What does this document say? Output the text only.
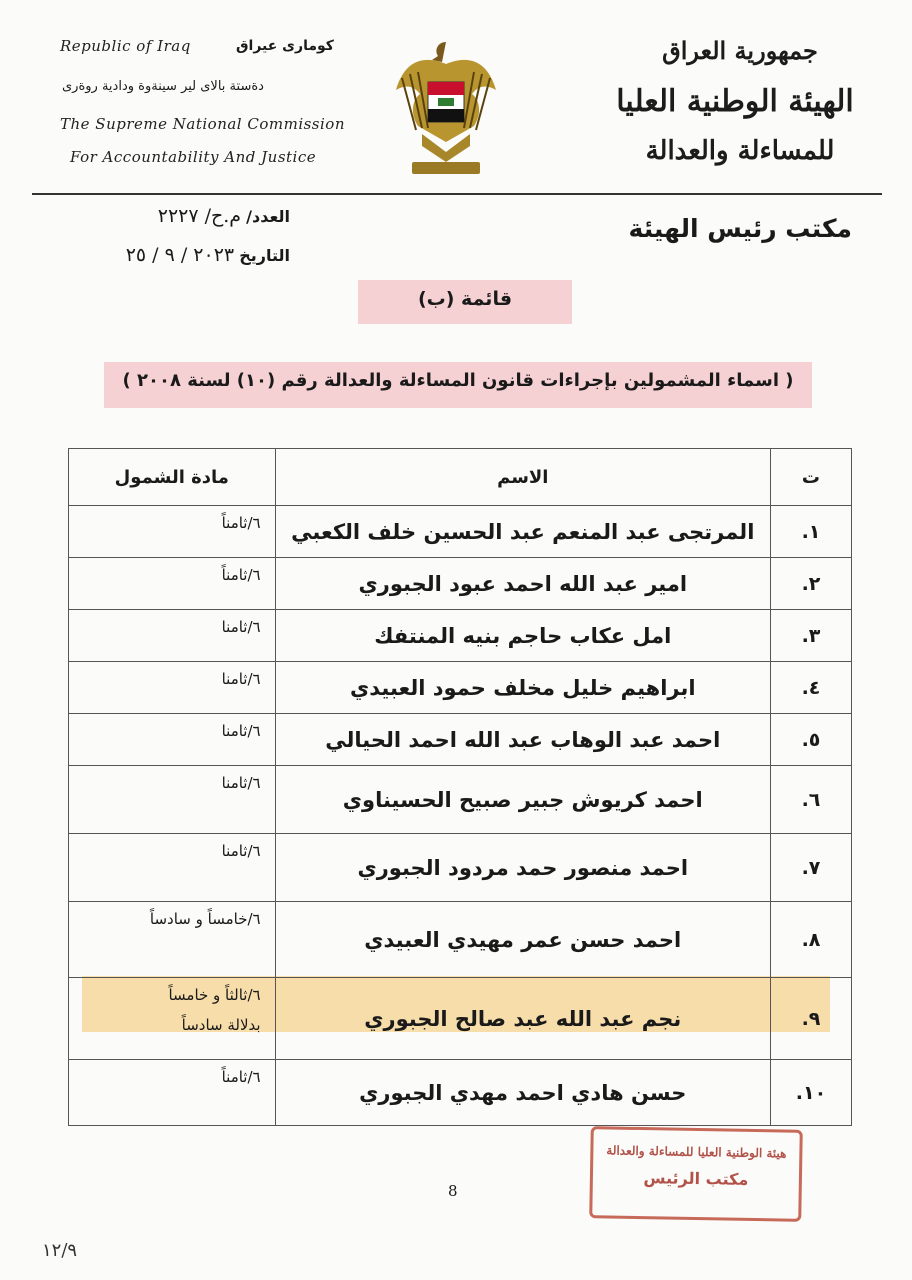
Republic of Iraq	كوماری عیراق
دةستة بالای لیر سینةوة ودادیة روةری
The Supreme National Commission
For Accountability And Justice
جمهورية العراق
الهيئة الوطنية العليا
للمساءلة والعدالة
العدد/ م.ح/ ٢٢٢٧
التاريخ ٢٠٢٣ / ٩ / ٢٥
مكتب رئيس الهيئة
قائمة (ب)
( اسماء المشمولين بإجراءات قانون المساءلة والعدالة رقم (١٠) لسنة ٢٠٠٨ )
ت	الاسم	مادة الشمول
١.	المرتجى عبد المنعم عبد الحسين خلف الكعبي	٦/ثامناً
٢.	امير عبد الله احمد عبود الجبوري	٦/ثامناً
٣.	امل عكاب حاجم بنيه المنتفك	٦/ثامنا
٤.	ابراهيم خليل مخلف حمود العبيدي	٦/ثامنا
٥.	احمد عبد الوهاب عبد الله احمد الحيالي	٦/ثامنا
٦.	احمد كريوش جبير صبيح الحسيناوي	٦/ثامنا
٧.	احمد منصور حمد مردود الجبوري	٦/ثامنا
٨.	احمد حسن عمر مهيدي العبيدي	٦/خامساً و سادساً
٩.	نجم عبد الله عبد صالح الجبوري	٦/ثالثاً و خامساً
بدلالة سادساً

١٠.	حسن هادي احمد مهدي الجبوري	٦/ثامناً
هيئة الوطنية العليا للمساءلة والعدالة
مكتب الرئيس
8
١٢/٩
